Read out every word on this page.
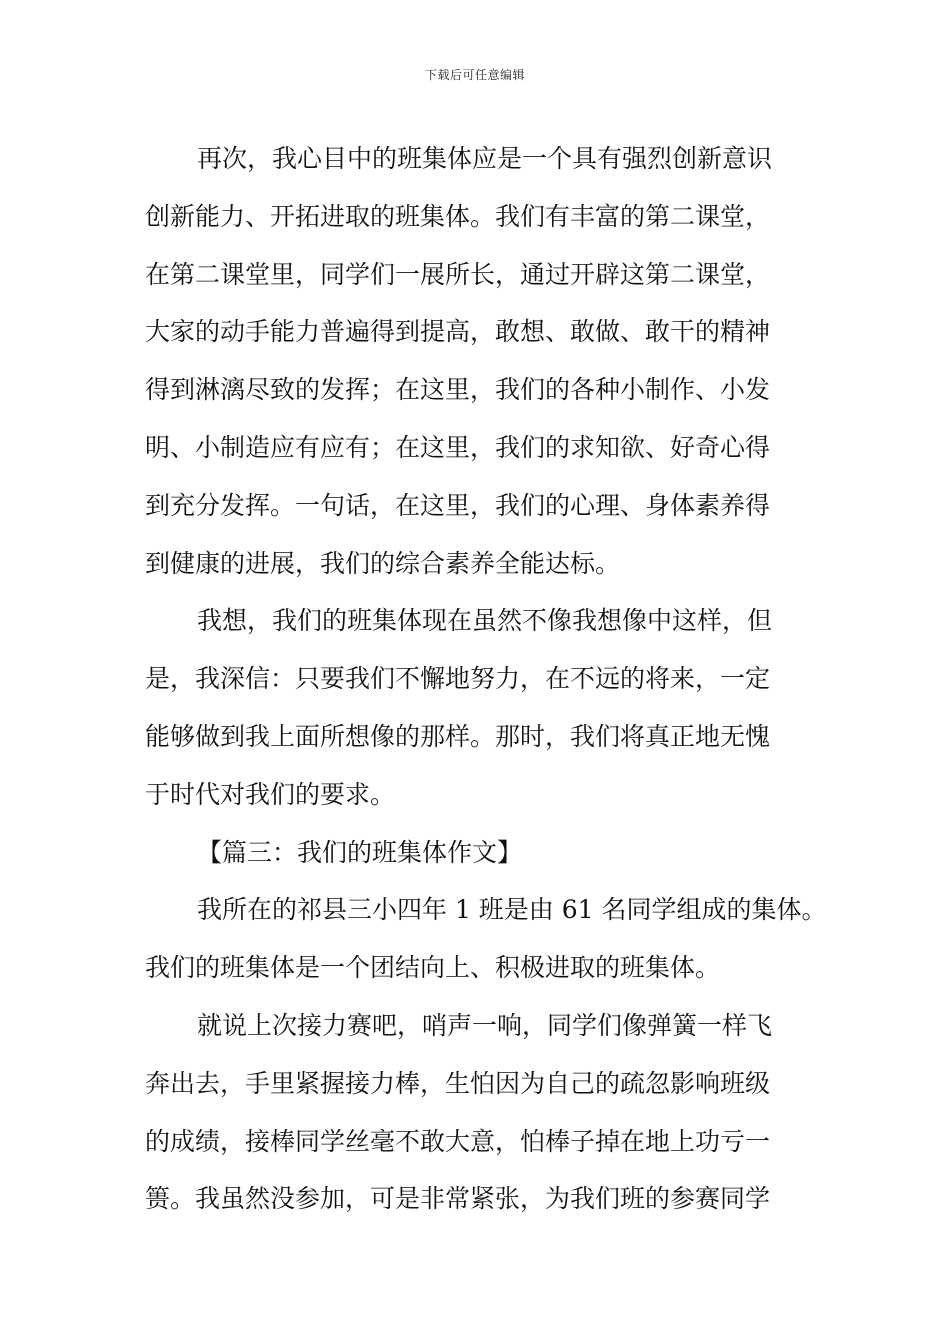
下载后可任意编辑
再次，我心目中的班集体应是一个具有强烈创新意识
创新能力、开拓进取的班集体。我们有丰富的第二课堂，
在第二课堂里，同学们一展所长，通过开辟这第二课堂，
大家的动手能力普遍得到提高，敢想、敢做、敢干的精神
得到淋漓尽致的发挥；在这里，我们的各种小制作、小发
明、小制造应有应有；在这里，我们的求知欲、好奇心得
到充分发挥。一句话，在这里，我们的心理、身体素养得
到健康的进展，我们的综合素养全能达标。
我想，我们的班集体现在虽然不像我想像中这样，但
是，我深信：只要我们不懈地努力，在不远的将来，一定
能够做到我上面所想像的那样。那时，我们将真正地无愧
于时代对我们的要求。
【篇三：我们的班集体作文】
我所在的祁县三小四年 1 班是由 61 名同学组成的集体。
我们的班集体是一个团结向上、积极进取的班集体。
就说上次接力赛吧，哨声一响，同学们像弹簧一样飞
奔出去，手里紧握接力棒，生怕因为自己的疏忽影响班级
的成绩，接棒同学丝毫不敢大意，怕棒子掉在地上功亏一
篑。我虽然没参加，可是非常紧张，为我们班的参赛同学
